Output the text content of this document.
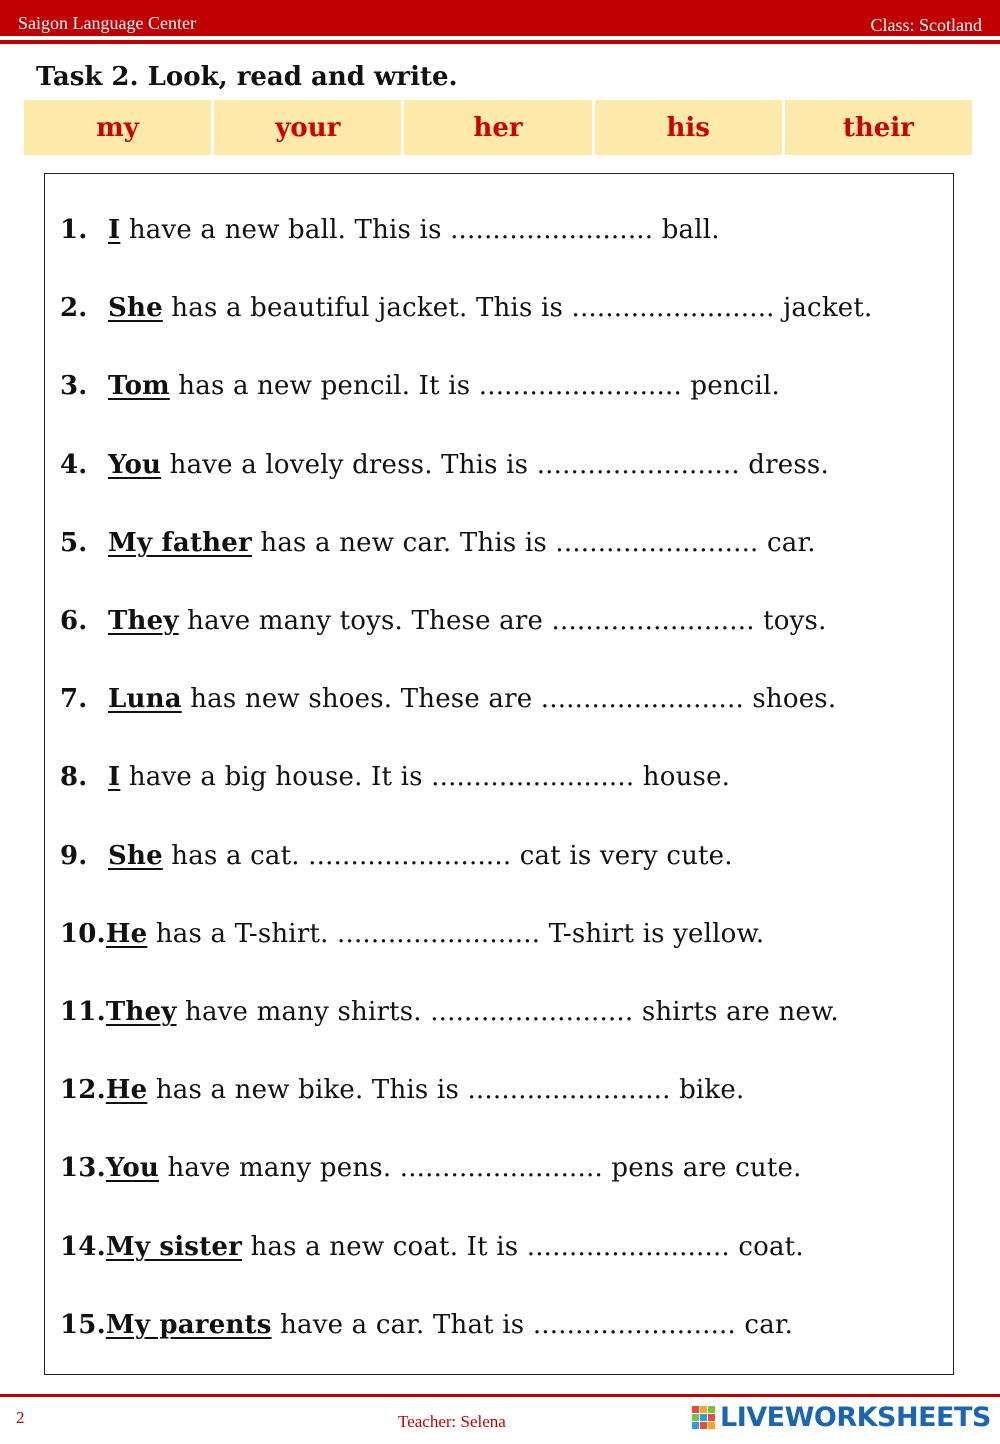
Saigon Language Center	Class: Scotland
Task 2. Look, read and write.
my	your	her	his	their
1. I have a new ball. This is ........................ ball.
2. She has a beautiful jacket. This is ........................ jacket.
3. Tom has a new pencil. It is ........................ pencil.
4. You have a lovely dress. This is ........................ dress.
5. My father has a new car. This is ........................ car.
6. They have many toys. These are ........................ toys.
7. Luna has new shoes. These are ........................ shoes.
8. I have a big house. It is ........................ house.
9. She has a cat. ........................ cat is very cute.
10.He has a T-shirt. ........................ T-shirt is yellow.
11.They have many shirts. ........................ shirts are new.
12.He has a new bike. This is ........................ bike.
13.You have many pens. ........................ pens are cute.
14.My sister has a new coat. It is ........................ coat.
15.My parents have a car. That is ........................ car.
2	Teacher: Selena	LIVEWORKSHEETS
